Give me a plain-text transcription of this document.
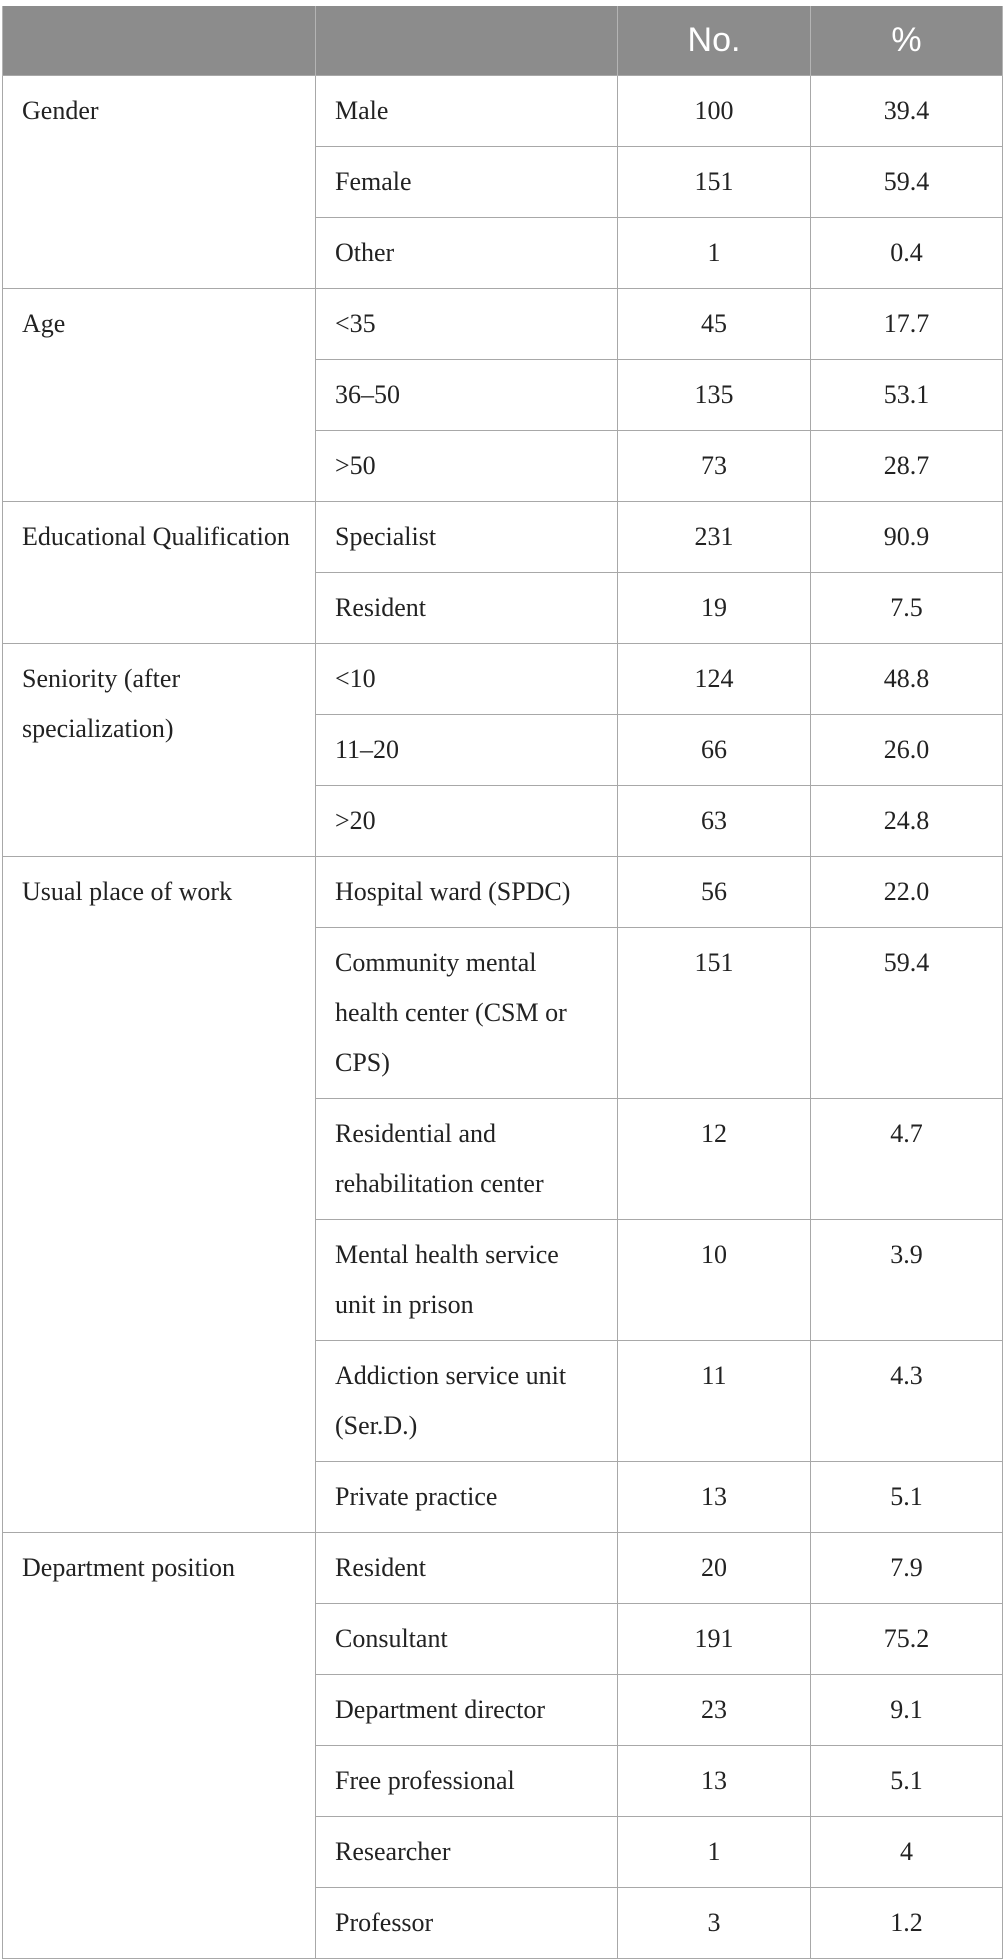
		No.	%
Gender	Male	100	39.4
	Female	151	59.4
	Other	1	0.4
Age	<35	45	17.7
	36–50	135	53.1
	>50	73	28.7
Educational Qualification	Specialist	231	90.9
	Resident	19	7.5
Seniority (after specialization)	<10	124	48.8
	11–20	66	26.0
	>20	63	24.8
Usual place of work	Hospital ward (SPDC)	56	22.0
	Community mental health center (CSM or CPS)	151	59.4
	Residential and rehabilitation center	12	4.7
	Mental health service unit in prison	10	3.9
	Addiction service unit (Ser.D.)	11	4.3
	Private practice	13	5.1
Department position	Resident	20	7.9
	Consultant	191	75.2
	Department director	23	9.1
	Free professional	13	5.1
	Researcher	1	4
	Professor	3	1.2
